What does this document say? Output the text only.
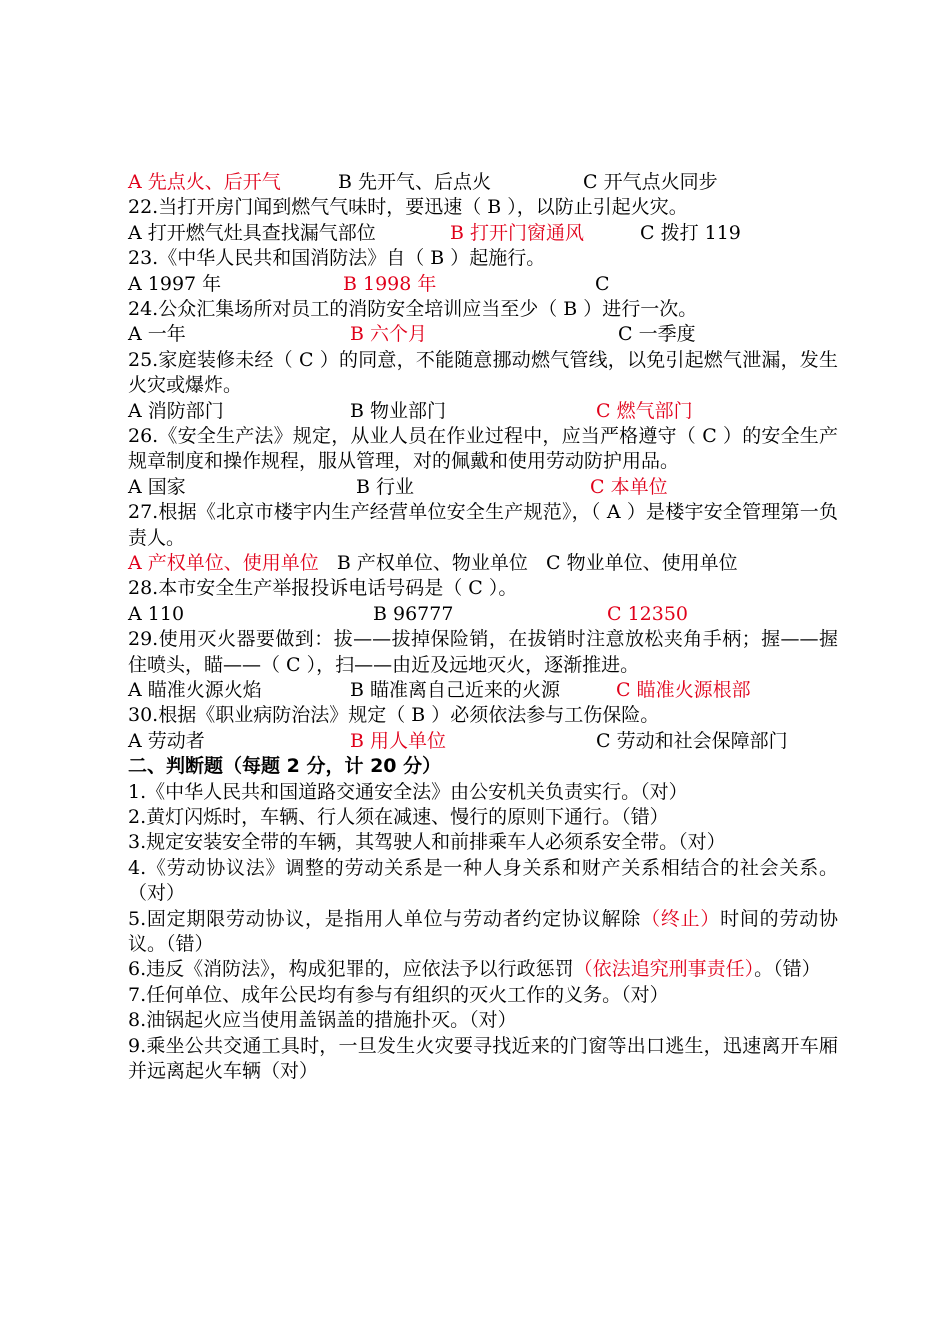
A 先点火、后开气	B 先开气、后点火	C 开气点火同步
22.当打开房门闻到燃气气味时，要迅速（ B ），以防止引起火灾。
A 打开燃气灶具查找漏气部位	B 打开门窗通风	C 拨打 119
23.《中华人民共和国消防法》自（ B ）起施行。
A 1997 年	B 1998 年	C
24.公众汇集场所对员工的消防安全培训应当至少（ B ）进行一次。
A 一年	B 六个月	C 一季度
25.家庭装修未经（ C ）的同意，不能随意挪动燃气管线，以免引起燃气泄漏，发生火灾或爆炸。
A 消防部门	B 物业部门	C 燃气部门
26.《安全生产法》规定，从业人员在作业过程中，应当严格遵守（ C ）的安全生产规章制度和操作规程，服从管理，对的佩戴和使用劳动防护用品。
A 国家	B 行业	C 本单位
27.根据《北京市楼宇内生产经营单位安全生产规范》，（ A ）是楼宇安全管理第一负责人。
A 产权单位、使用单位 B 产权单位、物业单位 C 物业单位、使用单位
28.本市安全生产举报投诉电话号码是（ C ）。
A 110	B 96777	C 12350
29.使用灭火器要做到：拔——拔掉保险销，在拔销时注意放松夹角手柄；握——握住喷头，瞄——（ C ），扫——由近及远地灭火，逐渐推进。
A 瞄准火源火焰	B 瞄准离自己近来的火源	C 瞄准火源根部
30.根据《职业病防治法》规定（ B ）必须依法参与工伤保险。
A 劳动者	B 用人单位	C 劳动和社会保障部门
二、判断题（每题 2 分，计 20 分）
1.《中华人民共和国道路交通安全法》由公安机关负责实行。（对）
2.黄灯闪烁时，车辆、行人须在减速、慢行的原则下通行。（错）
3.规定安装安全带的车辆，其驾驶人和前排乘车人必须系安全带。（对）
4.《劳动协议法》调整的劳动关系是一种人身关系和财产关系相结合的社会关系。（对）
5.固定期限劳动协议，是指用人单位与劳动者约定协议解除（终止）时间的劳动协议。（错）
6.违反《消防法》，构成犯罪的，应依法予以行政惩罚（依法追究刑事责任）。（错）
7.任何单位、成年公民均有参与有组织的灭火工作的义务。（对）
8.油锅起火应当使用盖锅盖的措施扑灭。（对）
9.乘坐公共交通工具时，一旦发生火灾要寻找近来的门窗等出口逃生，迅速离开车厢并远离起火车辆（对）
